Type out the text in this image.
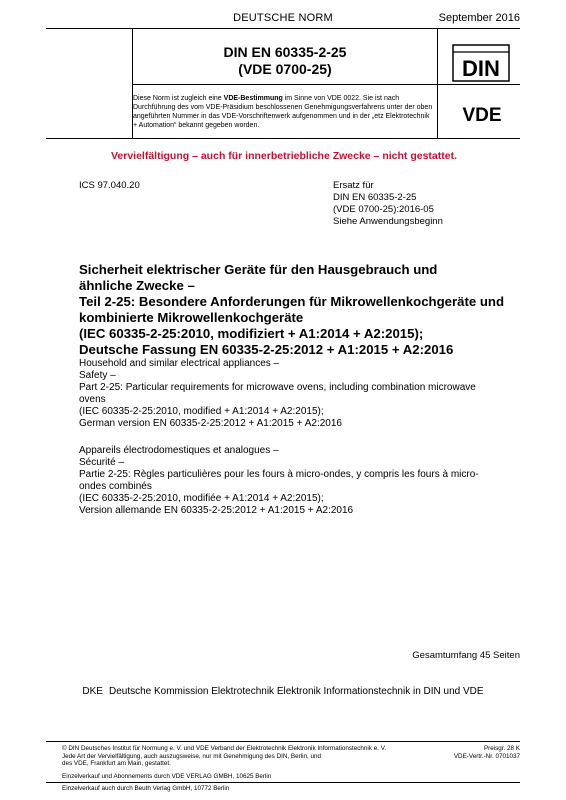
DEUTSCHE NORM	September 2016
DIN EN 60335-2-25
(VDE 0700-25)	DIN
Diese Norm ist zugleich eine VDE-Bestimmung im Sinne von VDE 0022. Sie ist nach Durchführung des vom VDE-Präsidium beschlossenen Genehmigungsverfahrens unter der oben angeführten Nummer in das VDE-Vorschriftenwerk aufgenommen und in der „etz Elektrotechnik + Automation“ bekannt gegeben worden.	VDE
Vervielfältigung – auch für innerbetriebliche Zwecke – nicht gestattet.
ICS 97.040.20	Ersatz für

DIN EN 60335-2-25

(VDE 0700-25):2016-05

Siehe Anwendungsbeginn

Sicherheit elektrischer Geräte für den Hausgebrauch und

ähnliche Zwecke –

Teil 2-25: Besondere Anforderungen für Mikrowellenkochgeräte und

kombinierte Mikrowellenkochgeräte

(IEC 60335-2-25:2010, modifiziert + A1:2014 + A2:2015);

Deutsche Fassung EN 60335-2-25:2012 + A1:2015 + A2:2016

Household and similar electrical appliances –

Safety –

Part 2-25: Particular requirements for microwave ovens, including combination microwave

ovens

(IEC 60335-2-25:2010, modified + A1:2014 + A2:2015);

German version EN 60335-2-25:2012 + A1:2015 + A2:2016

Appareils électrodomestiques et analogues –

Sécurité –

Partie 2-25: Règles particulières pour les fours à micro-ondes, y compris les fours à micro-

ondes combinés

(IEC 60335-2-25:2010, modifiée + A1:2014 + A2:2015);

Version allemande EN 60335-2-25:2012 + A1:2015 + A2:2016

Gesamtumfang 45 Seiten
DKE Deutsche Kommission Elektrotechnik Elektronik Informationstechnik in DIN und VDE

© DIN Deutsches Institut für Normung e. V. und VDE Verband der Elektrotechnik Elektronik Informationstechnik e. V.

Jede Art der Vervielfältigung, auch auszugsweise, nur mit Genehmigung des DIN, Berlin, und

des VDE, Frankfurt am Main, gestattet.

Preisgr. 28 K

VDE-Vertr.-Nr. 0701037

Einzelverkauf und Abonnements durch VDE VERLAG GMBH, 10625 Berlin
Einzelverkauf auch durch Beuth Verlag GmbH, 10772 Berlin
